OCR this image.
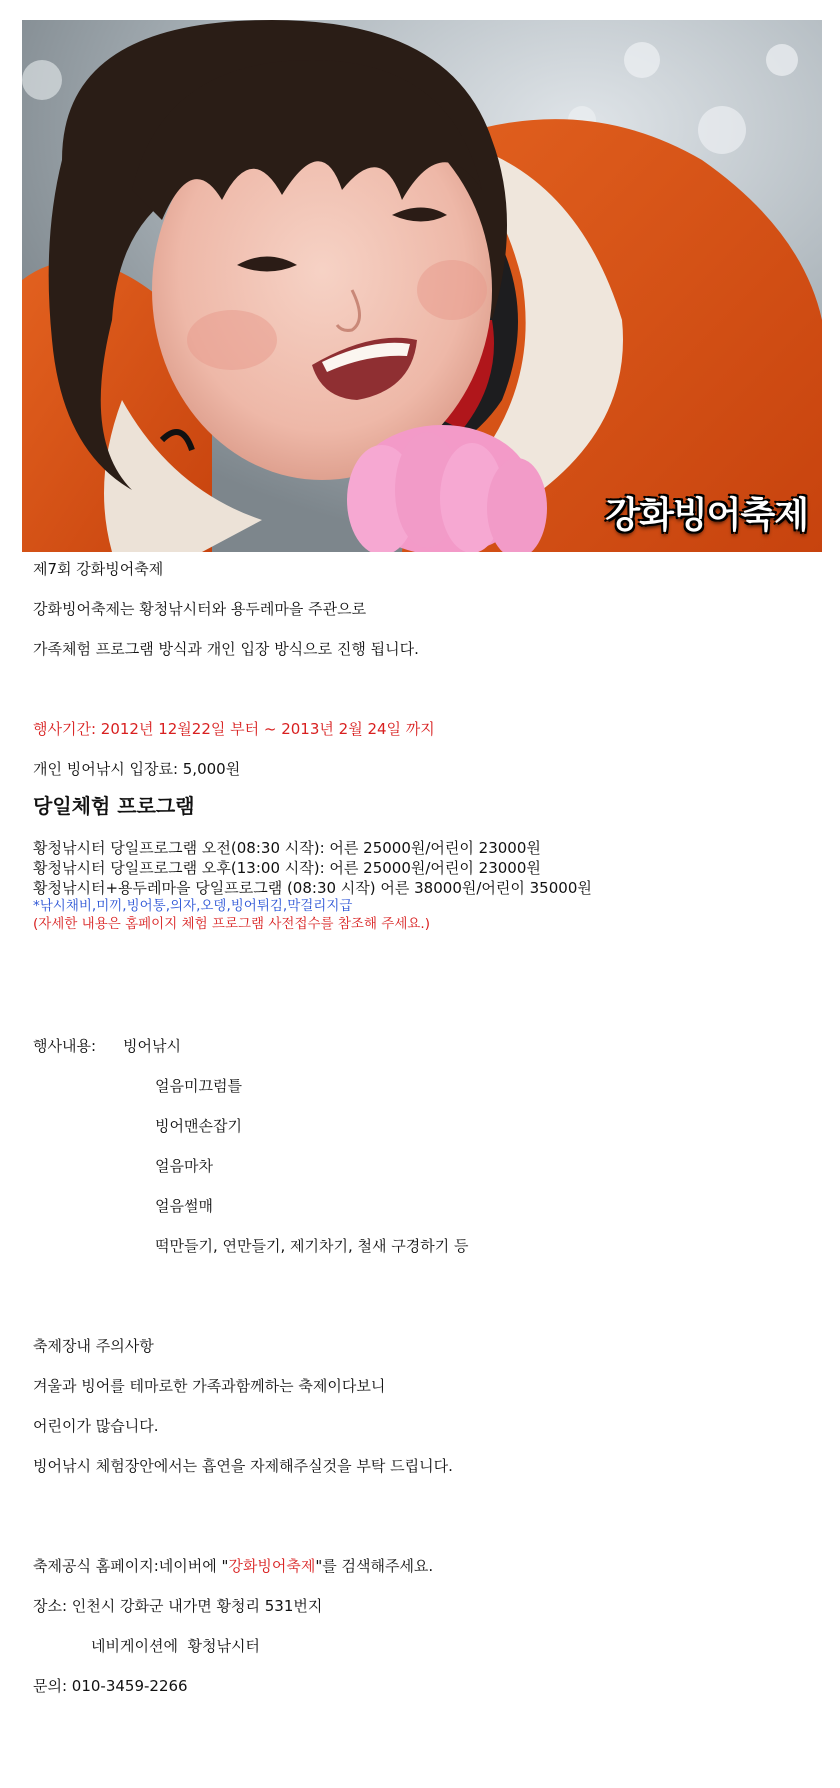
강화빙어축제
제7회 강화빙어축제
강화빙어축제는 황청낚시터와 용두레마을 주관으로
가족체험 프로그램 방식과 개인 입장 방식으로 진행 됩니다.
행사기간: 2012년 12월22일 부터 ~ 2013년 2월 24일 까지
개인 빙어낚시 입장료: 5,000원
당일체험 프로그램
황청낚시터 당일프로그램 오전(08:30 시작): 어른 25000원/어린이 23000원
황청낚시터 당일프로그램 오후(13:00 시작): 어른 25000원/어린이 23000원
황청낚시터+용두레마을 당일프로그램 (08:30 시작) 어른 38000원/어린이 35000원
*낚시채비,미끼,빙어통,의자,오뎅,빙어튀김,막걸리지급
(자세한 내용은 홈페이지 체험 프로그램 사전접수를 참조해 주세요.)
행사내용: 빙어낚시
얼음미끄럼틀
빙어맨손잡기
얼음마차
얼음썰매
떡만들기, 연만들기, 제기차기, 철새 구경하기 등
축제장내 주의사항
겨울과 빙어를 테마로한 가족과함께하는 축제이다보니
어린이가 많습니다.
빙어낚시 체험장안에서는 흡연을 자제해주실것을 부탁 드립니다.
축제공식 홈페이지:네이버에 "강화빙어축제"를 검색해주세요.
장소: 인천시 강화군 내가면 황청리 531번지
네비게이션에  황청낚시터
문의: 010-3459-2266
